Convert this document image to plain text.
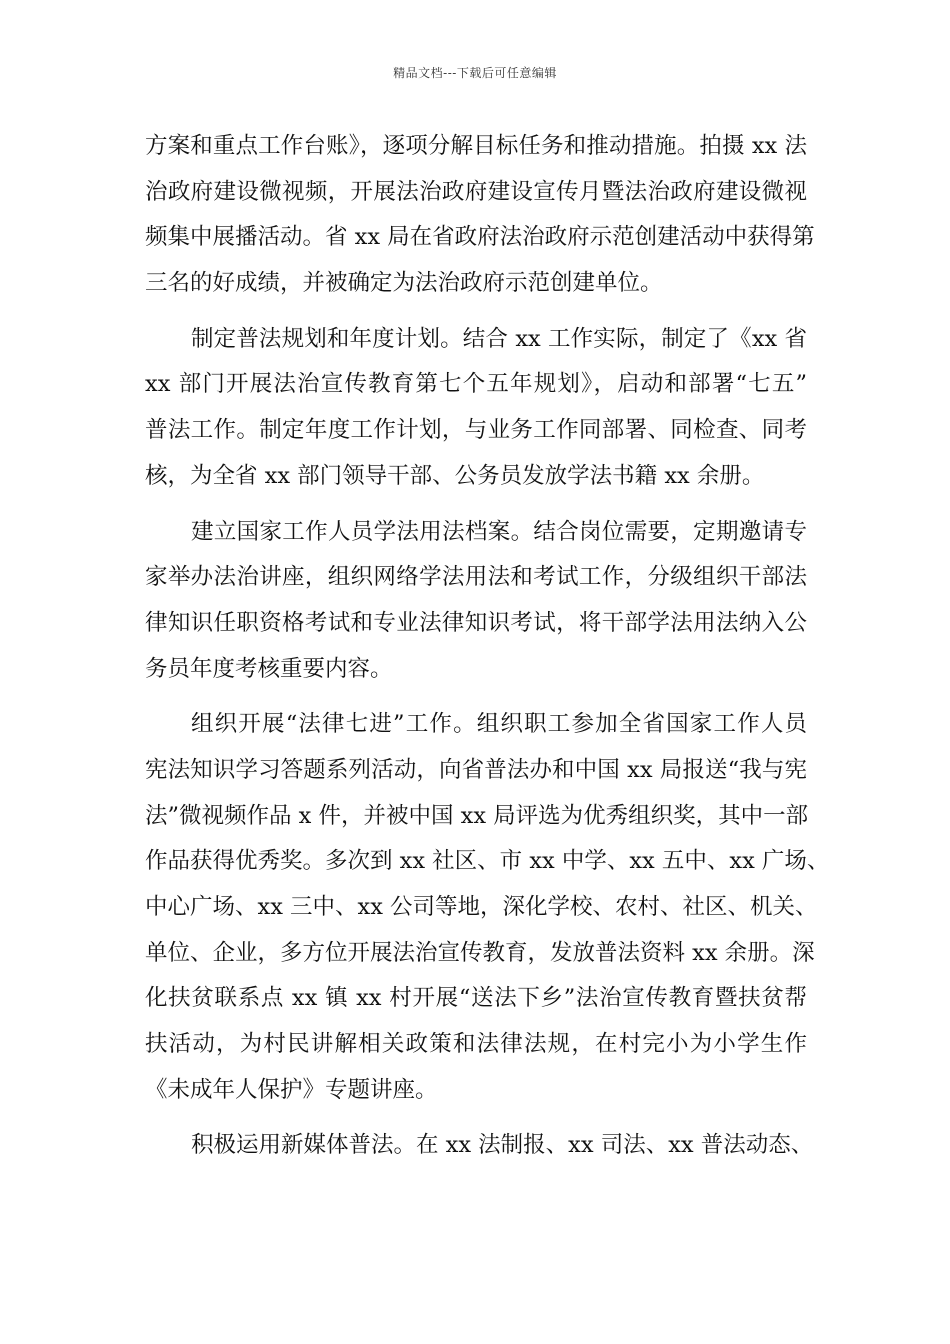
精品文档---下载后可任意编辑
方案和重点工作台账》，逐项分解目标任务和推动措施。拍摄 xx 法
治政府建设微视频，开展法治政府建设宣传月暨法治政府建设微视
频集中展播活动。省 xx 局在省政府法治政府示范创建活动中获得第
三名的好成绩，并被确定为法治政府示范创建单位。
制定普法规划和年度计划。结合 xx 工作实际，制定了《xx 省
xx 部门开展法治宣传教育第七个五年规划》，启动和部署“七五”
普法工作。制定年度工作计划，与业务工作同部署、同检查、同考
核，为全省 xx 部门领导干部、公务员发放学法书籍 xx 余册。
建立国家工作人员学法用法档案。结合岗位需要，定期邀请专
家举办法治讲座，组织网络学法用法和考试工作，分级组织干部法
律知识任职资格考试和专业法律知识考试，将干部学法用法纳入公
务员年度考核重要内容。
组织开展“法律七进”工作。组织职工参加全省国家工作人员
宪法知识学习答题系列活动，向省普法办和中国 xx 局报送“我与宪
法”微视频作品 x 件，并被中国 xx 局评选为优秀组织奖，其中一部
作品获得优秀奖。多次到 xx 社区、市 xx 中学、xx 五中、xx 广场、
中心广场、xx 三中、xx 公司等地，深化学校、农村、社区、机关、
单位、企业，多方位开展法治宣传教育，发放普法资料 xx 余册。深
化扶贫联系点 xx 镇 xx 村开展“送法下乡”法治宣传教育暨扶贫帮
扶活动，为村民讲解相关政策和法律法规，在村完小为小学生作
《未成年人保护》专题讲座。
积极运用新媒体普法。在 xx 法制报、xx 司法、xx 普法动态、
